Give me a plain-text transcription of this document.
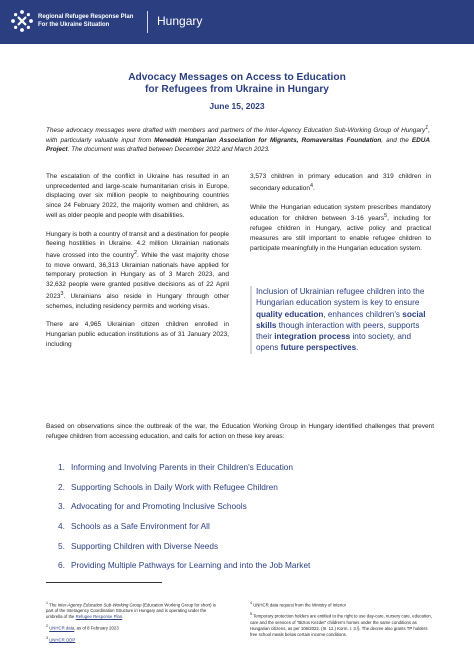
Regional Refugee Response Plan
For the Ukraine Situation	Hungary
Advocacy Messages on Access to Education
for Refugees from Ukraine in Hungary
June 15, 2023
These advocacy messages were drafted with members and partners of the Inter-Agency Education Sub-Working Group of Hungary$^1$, with particularly valuable input from Menedék Hungarian Association for Migrants, Romaversitas Foundation, and the EDUA Project. The document was drafted between December 2022 and March 2023.

The escalation of the conflict in Ukraine has resulted in an unprecedented and large-scale humanitarian crisis in Europe, displacing over six million people to neighbouring countries since 24 February 2022, the majority women and children, as well as older people and people with disabilities.

Hungary is both a country of transit and a destination for people fleeing hostilities in Ukraine. 4.2 million Ukrainian nationals have crossed into the country$^2$. While the vast majority chose to move onward, 36,313 Ukrainian nationals have applied for temporary protection in Hungary as of 3 March 2023, and 32,632 people were granted positive decisions as of 22 April 2023$^3$. Ukrainians also reside in Hungary through other schemes, including residency permits and working visas.

There are 4,965 Ukrainian citizen children enrolled in Hungarian public education institutions as of 31 January 2023, including

3,573 children in primary education and 319 children in secondary education$^4$.

While the Hungarian education system prescribes mandatory education for children between 3-16 years$^5$, including for refugee children in Hungary, active policy and practical measures are still important to enable refugee children to participate meaningfully in the Hungarian education system.

Inclusion of Ukrainian refugee children into the Hungarian education system is key to ensure quality education, enhances children's social skills though interaction with peers, supports their integration process into society, and opens future perspectives.
Based on observations since the outbreak of the war, the Education Working Group in Hungary identified challenges that prevent refugee children from accessing education, and calls for action on these key areas:
1. Informing and Involving Parents in their Children's Education
2. Supporting Schools in Daily Work with Refugee Children
3. Advocating for and Promoting Inclusive Schools
4. Schools as a Safe Environment for All
5. Supporting Children with Diverse Needs
6. Providing Multiple Pathways for Learning and into the Job Market

$^1$ The Inter-Agency Education Sub-Working Group (Education Working Group for short) is part of the Interagency Coordination Structure in Hungary and is operating under the umbrella of the Refugee Response Plan.

$^2$ UNHCR data, as of 8 February 2023

$^3$ UNHCR ODP

$^4$ UNHCR data request from the Ministry of Interior

$^5$ Temporary protection holders are entitled to the right to use day-care, nursery care, education, care and the services of "Biztos Kezdet" children's homes under the same conditions as Hungarian citizens, as per 106/2022. (III. 12.) Korm. r. 3.§. The decree also grants TP holders free school meals below certain income conditions.
